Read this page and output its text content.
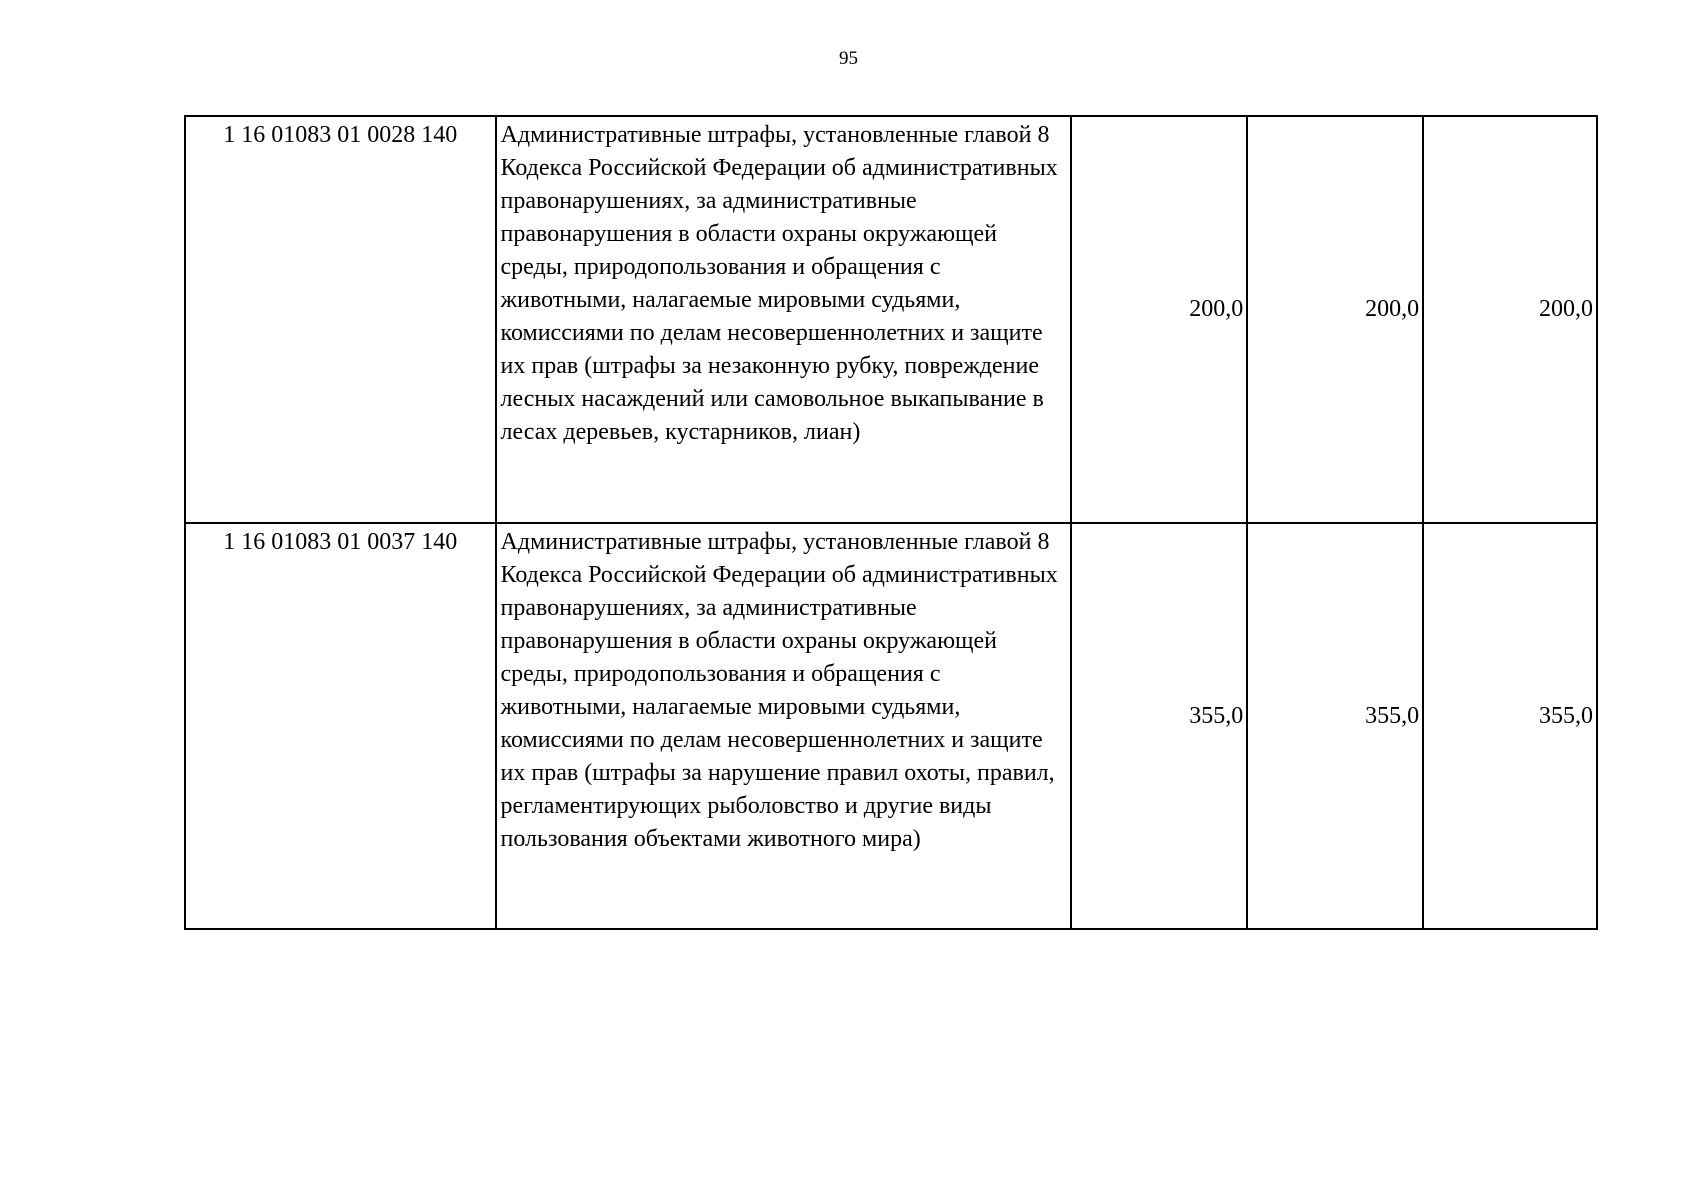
95
1 16 01083 01 0028 140	Административные штрафы, установленные главой 8 Кодекса Российской Федерации об административных правонарушениях, за административные правонарушения в области охраны окружающей среды, природопользования и обращения с животными, налагаемые мировыми судьями, комиссиями по делам несовершеннолетних и защите их прав (штрафы за незаконную рубку, повреждение лесных насаждений или самовольное выкапывание в лесах деревьев, кустарников, лиан)	200,0	200,0	200,0
1 16 01083 01 0037 140	Административные штрафы, установленные главой 8 Кодекса Российской Федерации об административных правонарушениях, за административные правонарушения в области охраны окружающей среды, природопользования и обращения с животными, налагаемые мировыми судьями, комиссиями по делам несовершеннолетних и защите их прав (штрафы за нарушение правил охоты, правил, регламентирующих рыболовство и другие виды пользования объектами животного мира)	355,0	355,0	355,0
